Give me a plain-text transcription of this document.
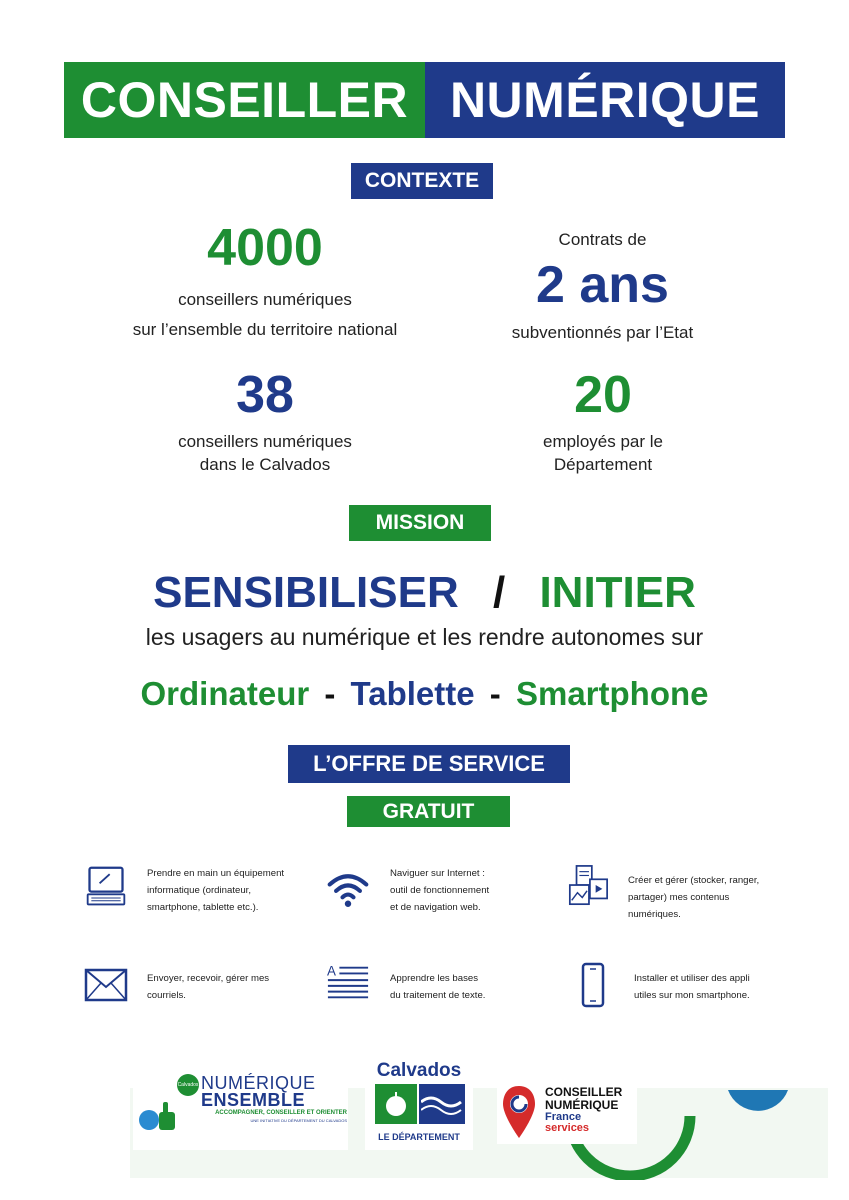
CONSEILLER NUMÉRIQUE
CONTEXTE
4000
conseillers numériques
sur l’ensemble du territoire national
Contrats de
2 ans
subventionnés par l’Etat
38
conseillers numériques
dans le Calvados
20
employés par le
Département
MISSION
SENSIBILISER / INITIER
les usagers au numérique et les rendre autonomes sur
Ordinateur - Tablette - Smartphone
L’OFFRE DE SERVICE
GRATUIT
Prendre en main un équipement
informatique (ordinateur,
smartphone, tablette etc.).
Naviguer sur Internet :
outil de fonctionnement
et de navigation web.
Créer et gérer (stocker, ranger,
partager) mes contenus
numériques.
Envoyer, recevoir, gérer mes
courriels.
A
Apprendre les bases
du traitement de texte.
Installer et utiliser des appli
utiles sur mon smartphone.
Calvados NUMÉRIQUE
ENSEMBLE
ACCOMPAGNER, CONSEILLER ET ORIENTER
UNE INITIATIVE DU DÉPARTEMENT DU CALVADOS
Calvados
LE DÉPARTEMENT
CONSEILLER
NUMÉRIQUE
France
services
